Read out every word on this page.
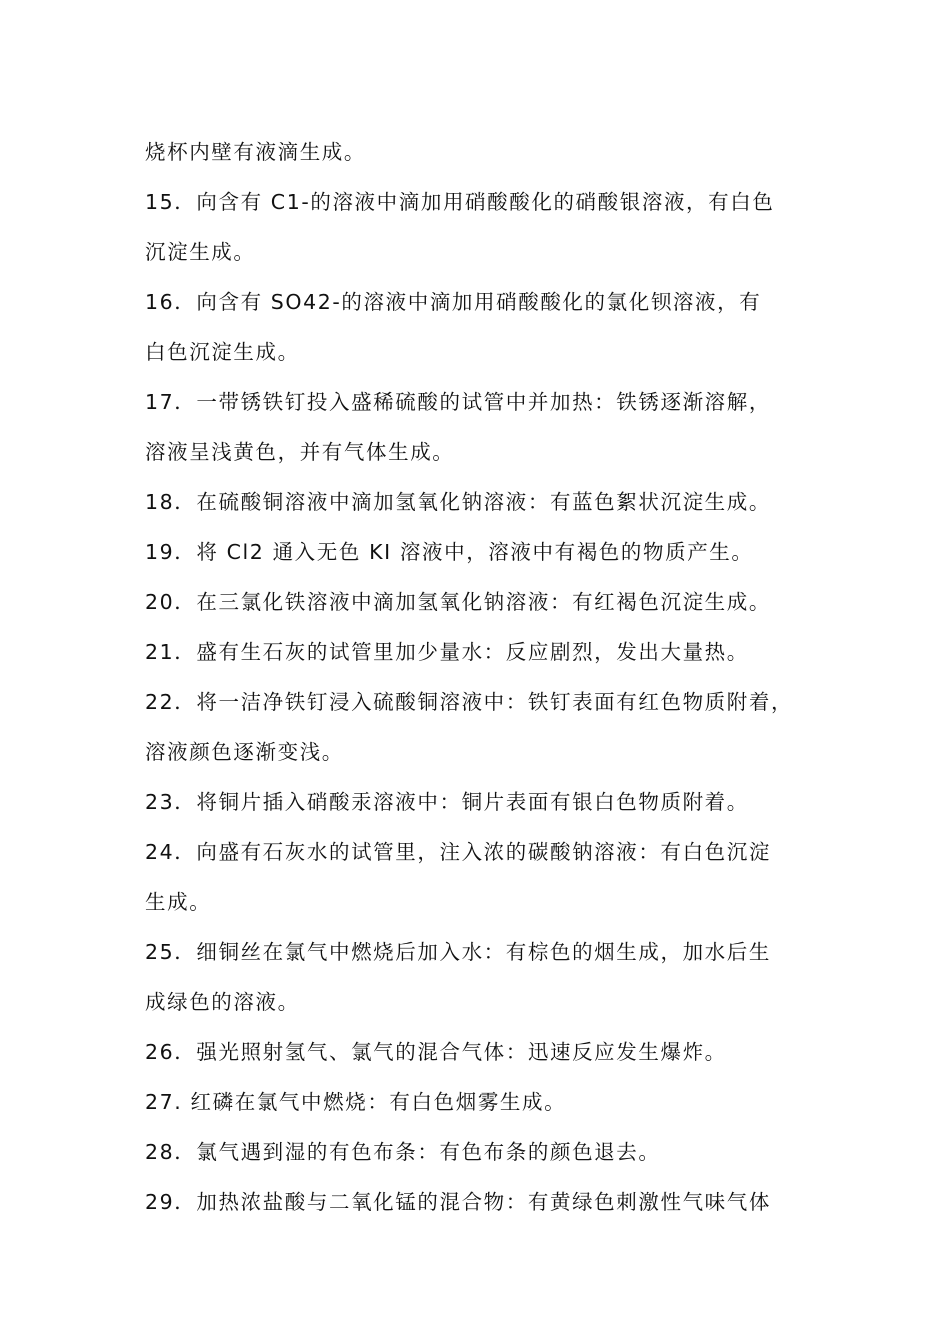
烧杯内壁有液滴生成。
15．向含有 C1-的溶液中滴加用硝酸酸化的硝酸银溶液，有白色
沉淀生成。
16．向含有 SO42-的溶液中滴加用硝酸酸化的氯化钡溶液，有
白色沉淀生成。
17．一带锈铁钉投入盛稀硫酸的试管中并加热：铁锈逐渐溶解，
溶液呈浅黄色，并有气体生成。
18．在硫酸铜溶液中滴加氢氧化钠溶液：有蓝色絮状沉淀生成。
19．将 Cl2 通入无色 KI 溶液中，溶液中有褐色的物质产生。
20．在三氯化铁溶液中滴加氢氧化钠溶液：有红褐色沉淀生成。
21．盛有生石灰的试管里加少量水：反应剧烈，发出大量热。
22．将一洁净铁钉浸入硫酸铜溶液中：铁钉表面有红色物质附着，
溶液颜色逐渐变浅。
23．将铜片插入硝酸汞溶液中：铜片表面有银白色物质附着。
24．向盛有石灰水的试管里，注入浓的碳酸钠溶液：有白色沉淀
生成。
25．细铜丝在氯气中燃烧后加入水：有棕色的烟生成，加水后生
成绿色的溶液。
26．强光照射氢气、氯气的混合气体：迅速反应发生爆炸。
27. 红磷在氯气中燃烧：有白色烟雾生成。
28．氯气遇到湿的有色布条：有色布条的颜色退去。
29．加热浓盐酸与二氧化锰的混合物：有黄绿色刺激性气味气体
